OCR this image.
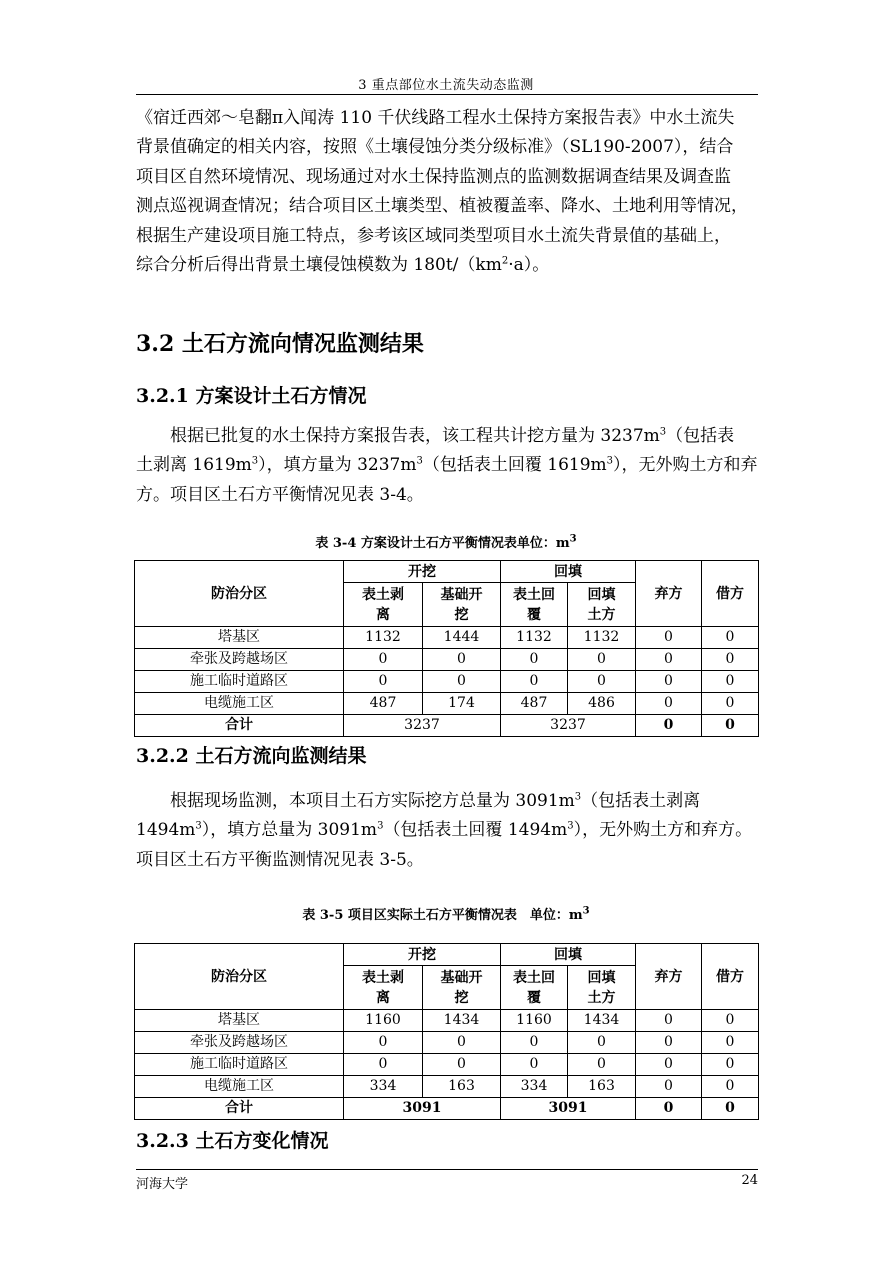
3 重点部位水土流失动态监测
《宿迁西郊～皂翻π入闻涛 110 千伏线路工程水土保持方案报告表》中水土流失
背景值确定的相关内容，按照《土壤侵蚀分类分级标准》（SL190-2007），结合
项目区自然环境情况、现场通过对水土保持监测点的监测数据调查结果及调查监
测点巡视调查情况；结合项目区土壤类型、植被覆盖率、降水、土地利用等情况，
根据生产建设项目施工特点，参考该区域同类型项目水土流失背景值的基础上，
综合分析后得出背景土壤侵蚀模数为 $180t/(km^2\cdot a)$。
3.2 土石方流向情况监测结果
3.2.1 方案设计土石方情况
　　根据已批复的水土保持方案报告表，该工程共计挖方量为 $3237m^3$（包括表
土剥离 $1619m^3$），填方量为 $3237m^3$（包括表土回覆 $1619m^3$），无外购土方和弃
方。项目区土石方平衡情况见表 3-4。
表 3-4 方案设计土石方平衡情况表单位：$m^3$
防治分区	开挖		回填		弃方	借方
	表土剥离	基础开挖	表土回覆	回填土方		
塔基区	1132	1444	1132	1132	0	0
牵张及跨越场区	0	0	0	0	0	0
施工临时道路区	0	0	0	0	0	0
电缆施工区	487	174	487	486	0	0
合计	3237		3237		0	0
3.2.2 土石方流向监测结果
　　根据现场监测，本项目土石方实际挖方总量为 $3091m^3$（包括表土剥离
$1494m^3$），填方总量为 $3091m^3$（包括表土回覆 $1494m^3$），无外购土方和弃方。
项目区土石方平衡监测情况见表 3-5。
表 3-5 项目区实际土石方平衡情况表　单位：$m^3$
防治分区	开挖		回填		弃方	借方
	表土剥离	基础开挖	表土回覆	回填土方		
塔基区	1160	1434	1160	1434	0	0
牵张及跨越场区	0	0	0	0	0	0
施工临时道路区	0	0	0	0	0	0
电缆施工区	334	163	334	163	0	0
合计	3091		3091		0	0
3.2.3 土石方变化情况
河海大学	24
